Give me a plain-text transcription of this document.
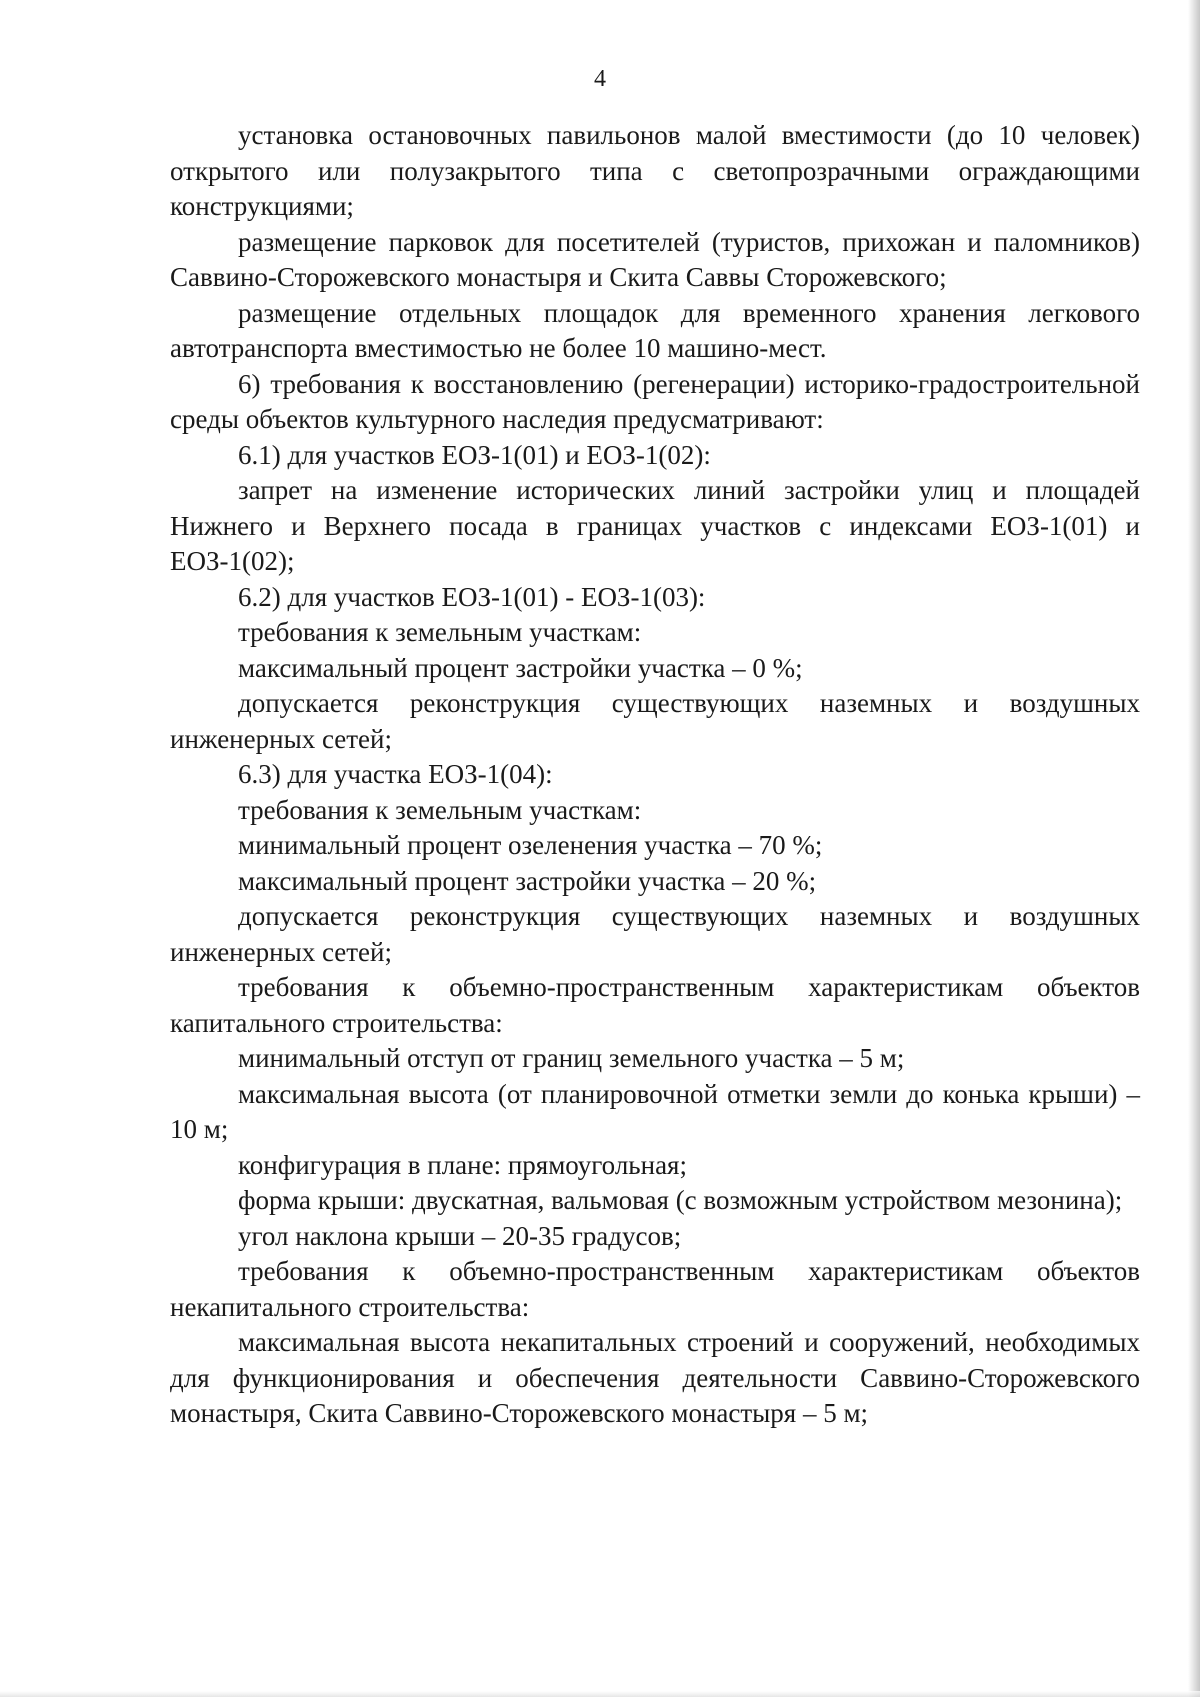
4

установка остановочных павильонов малой вместимости (до 10 человек) открытого или полузакрытого типа с светопрозрачными ограждающими конструкциями;

размещение парковок для посетителей (туристов, прихожан и паломников) Саввино-Сторожевского монастыря и Скита Саввы Сторожевского;

размещение отдельных площадок для временного хранения легкового автотранспорта вместимостью не более 10 машино-мест.

6) требования к восстановлению (регенерации) историко-градостроительной среды объектов культурного наследия предусматривают:

6.1) для участков ЕОЗ-1(01) и ЕОЗ-1(02):

запрет на изменение исторических линий застройки улиц и площадей Нижнего и Верхнего посада в границах участков с индексами ЕОЗ-1(01) и ЕОЗ-1(02);

6.2) для участков ЕОЗ-1(01) - ЕОЗ-1(03):

требования к земельным участкам:

максимальный процент застройки участка – 0 %;

допускается реконструкция существующих наземных и воздушных инженерных сетей;

6.3) для участка ЕОЗ-1(04):

требования к земельным участкам:

минимальный процент озеленения участка – 70 %;

максимальный процент застройки участка – 20 %;

допускается реконструкция существующих наземных и воздушных инженерных сетей;

требования к объемно-пространственным характеристикам объектов капитального строительства:

минимальный отступ от границ земельного участка – 5 м;

максимальная высота (от планировочной отметки земли до конька крыши) – 10 м;

конфигурация в плане: прямоугольная;

форма крыши: двускатная, вальмовая (с возможным устройством мезонина);

угол наклона крыши – 20-35 градусов;

требования к объемно-пространственным характеристикам объектов некапитального строительства:

максимальная высота некапитальных строений и сооружений, необходимых для функционирования и обеспечения деятельности Саввино-Сторожевского монастыря, Скита Саввино-Сторожевского монастыря – 5 м;
